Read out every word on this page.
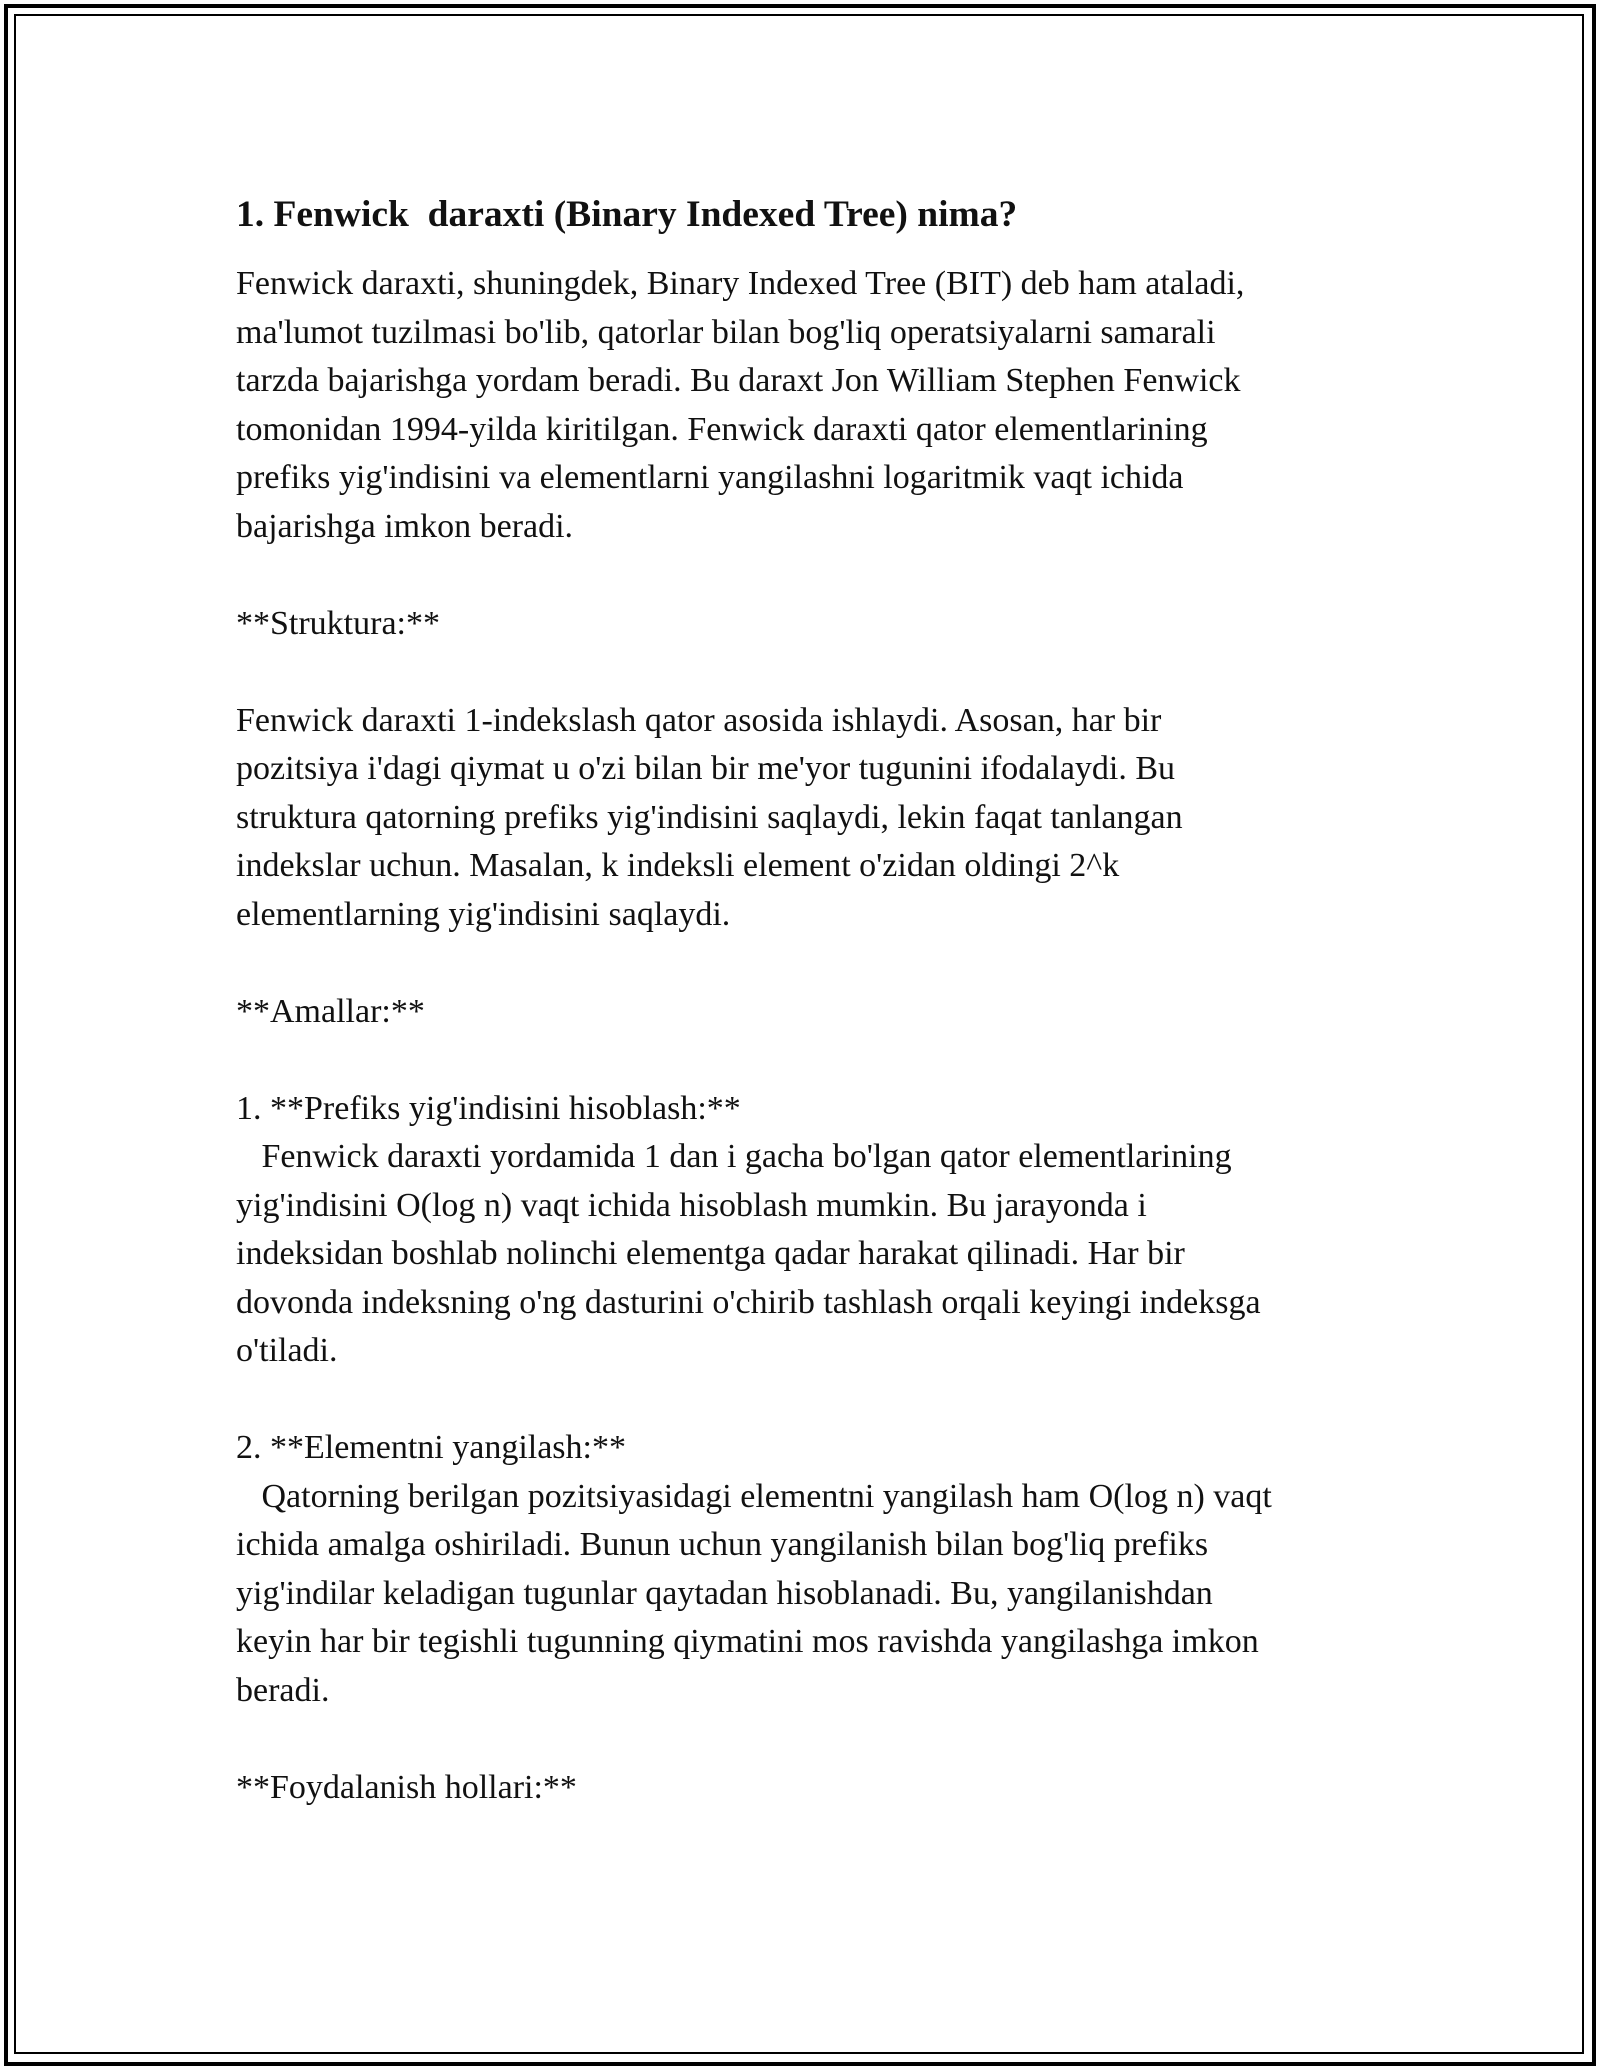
1. Fenwick  daraxti (Binary Indexed Tree) nima?

Fenwick daraxti, shuningdek, Binary Indexed Tree (BIT) deb ham ataladi,
ma'lumot tuzilmasi bo'lib, qatorlar bilan bog'liq operatsiyalarni samarali
tarzda bajarishga yordam beradi. Bu daraxt Jon William Stephen Fenwick
tomonidan 1994-yilda kiritilgan. Fenwick daraxti qator elementlarining
prefiks yig'indisini va elementlarni yangilashni logaritmik vaqt ichida
bajarishga imkon beradi.

**Struktura:**

Fenwick daraxti 1-indekslash qator asosida ishlaydi. Asosan, har bir
pozitsiya i'dagi qiymat u o'zi bilan bir me'yor tugunini ifodalaydi. Bu
struktura qatorning prefiks yig'indisini saqlaydi, lekin faqat tanlangan
indekslar uchun. Masalan, k indeksli element o'zidan oldingi 2^k
elementlarning yig'indisini saqlaydi.

**Amallar:**

1. **Prefiks yig'indisini hisoblash:**
Fenwick daraxti yordamida 1 dan i gacha bo'lgan qator elementlarining
yig'indisini O(log n) vaqt ichida hisoblash mumkin. Bu jarayonda i
indeksidan boshlab nolinchi elementga qadar harakat qilinadi. Har bir
dovonda indeksning o'ng dasturini o'chirib tashlash orqali keyingi indeksga
o'tiladi.

2. **Elementni yangilash:**
Qatorning berilgan pozitsiyasidagi elementni yangilash ham O(log n) vaqt
ichida amalga oshiriladi. Bunun uchun yangilanish bilan bog'liq prefiks
yig'indilar keladigan tugunlar qaytadan hisoblanadi. Bu, yangilanishdan
keyin har bir tegishli tugunning qiymatini mos ravishda yangilashga imkon
beradi.

**Foydalanish hollari:**
